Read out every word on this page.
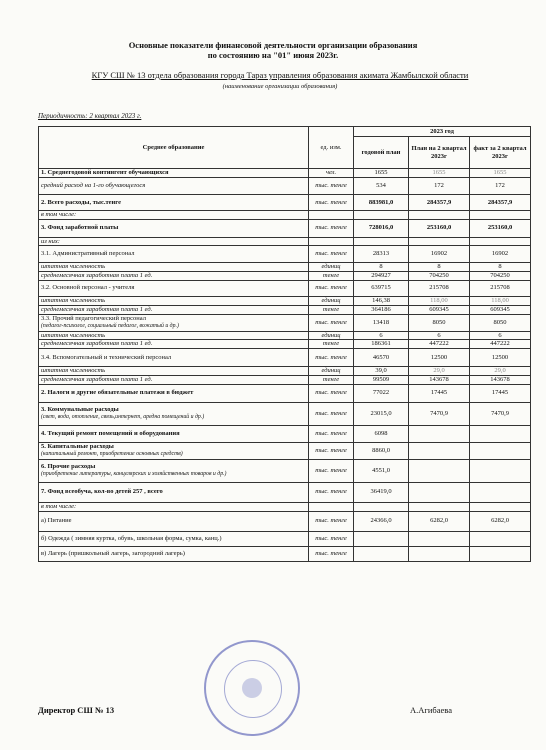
Основные показатели финансовой деятельности организации образования
по состоянию на "01" июня 2023г.
КГУ СШ № 13 отдела образования города Тараз управления образования акимата Жамбылской области
(наименование организации образования)
Периодичность: 2 квартал 2023 г.
Среднее образование	ед. изм.	2023 год		
		годовой план	План на 2 квартал 2023г	факт за 2 квартал 2023г
1. Среднегодовой контингент обучающихся	чел.	1655	1655	1655
средний расход на 1-го обучающегося	тыс. тенге	534	172	172
2. Всего расходы, тыс.тенге	тыс. тенге	883981,0	284357,9	284357,9
в том числе:				
3. Фонд заработной платы	тыс. тенге	728016,0	253160,0	253160,0
из них:				
3.1. Административный персонал	тыс. тенге	28313	16902	16902
штатная численность	единиц	8	8	8
среднемесячная заработная плата 1 ед.	тенге	294927	704250	704250
3.2. Основной персонал - учителя	тыс. тенге	639715	215708	215708
штатная численность	единиц	146,38	118,00	118,00
среднемесячная заработная плата 1 ед.	тенге	364186	609345	609345
3.3. Прочий педагогический персонал
(педагог-психолог, социальный педагог, вожатый и др.)	тыс. тенге	13418	8050	8050
штатная численность	единиц	6	6	6
среднемесячная заработная плата 1 ед.	тенге	186361	447222	447222
3.4. Вспомогательный и технический персонал	тыс. тенге	46570	12500	12500
штатная численность	единиц	39,0	29,0	29,0
среднемесячная заработная плата 1 ед.	тенге	99509	143678	143678
2. Налоги и другие обязательные платежи в бюджет	тыс. тенге	77022	17445	17445
3. Коммунальные расходы
(свет, вода, отопление, связь,интернет, аредна помещений и др.)	тыс. тенге	23015,0	7470,9	7470,9
4. Текущий ремонт помещений и оборудования	тыс. тенге	6098		
5. Капитальные расходы
(капитальный ремонт, приобретение основных средств)	тыс. тенге	8860,0		
6. Прочие расходы
(приобретение литературы, канцелярских и хозяйственных товаров и др.)	тыс. тенге	4551,0		
7. Фонд всеобуча, кол-во детей 257 , всего	тыс. тенге	36419,0		
в том числе:				
а) Питание	тыс. тенге	24366,0	6282,0	6282,0
б) Одежда ( зимняя куртка, обувь, школьная форма, сумка, канц.)	тыс. тенге			
в) Лагерь (пришкольный лагерь, загородний лагерь)	тыс. тенге			
Директор СШ № 13	А.Агибаева
